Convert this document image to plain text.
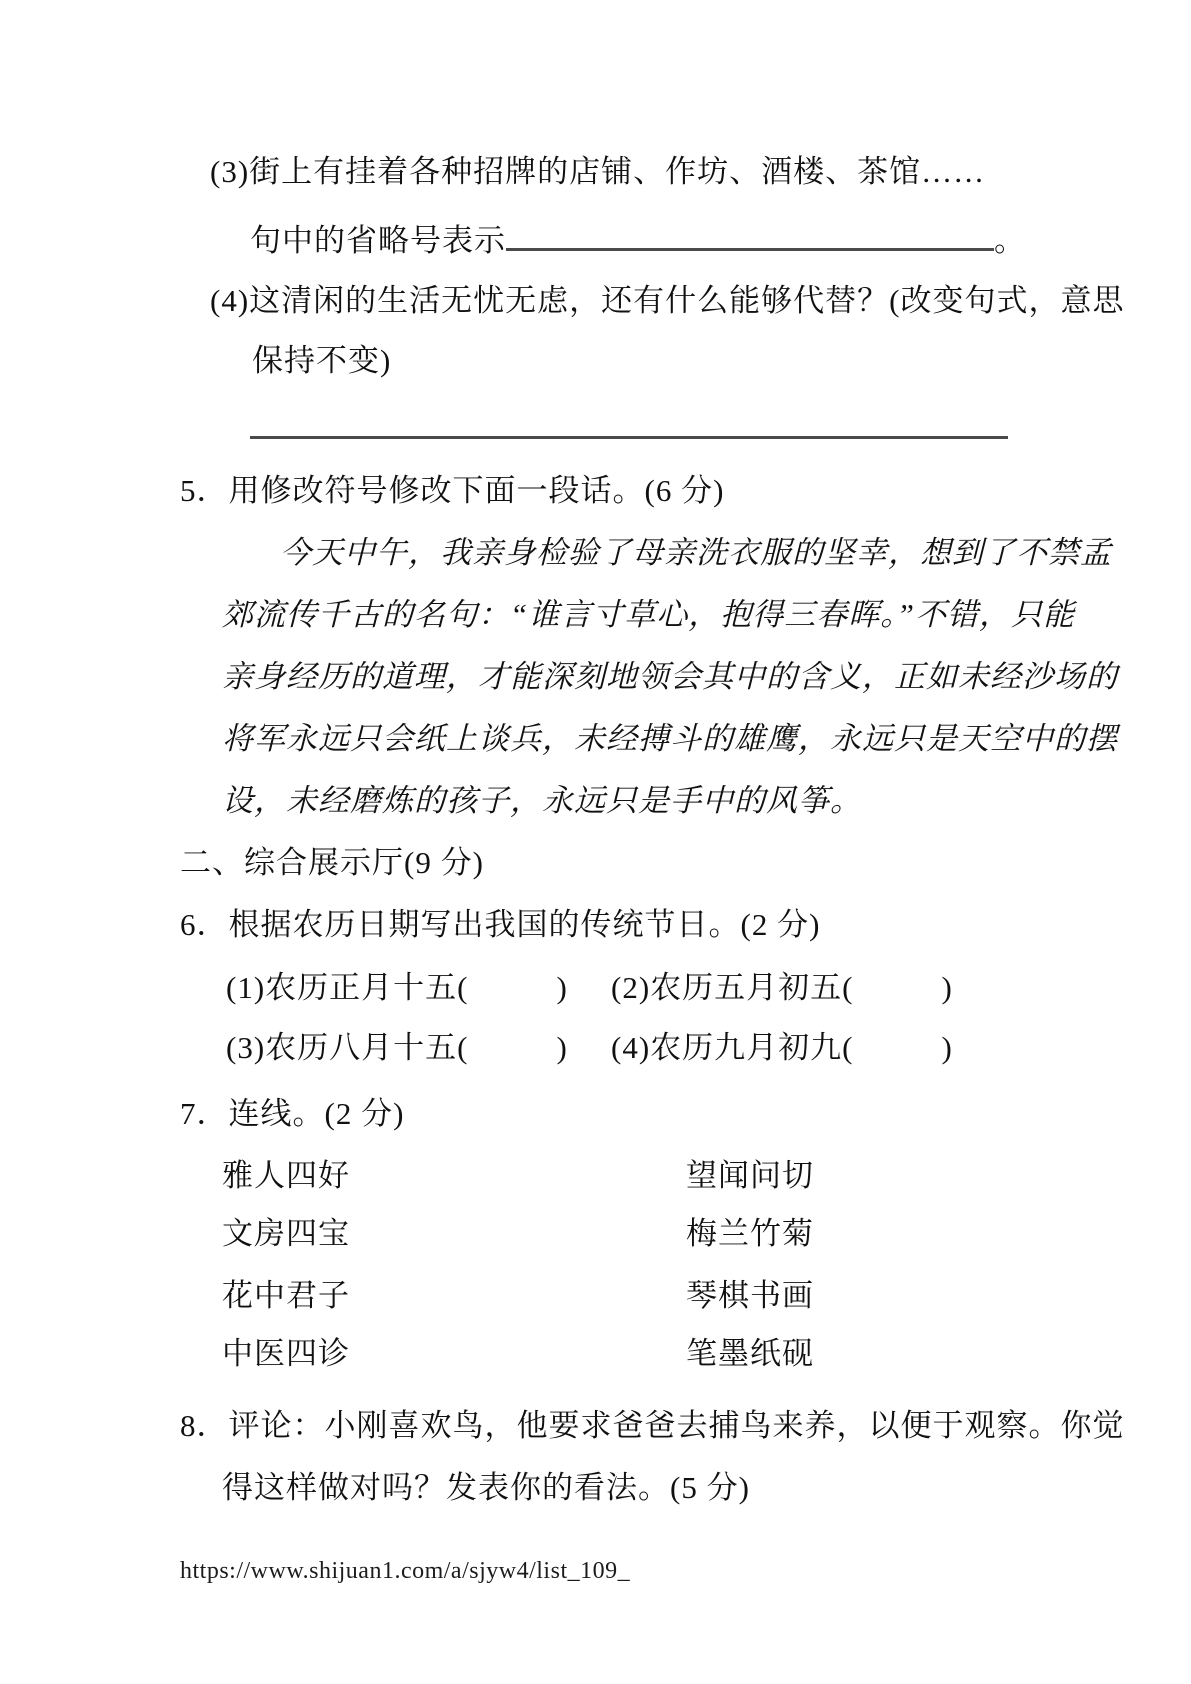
(3)街上有挂着各种招牌的店铺、作坊、酒楼、茶馆……
句中的省略号表示	。
(4)这清闲的生活无忧无虑，还有什么能够代替？(改变句式，意思
保持不变)
5．用修改符号修改下面一段话。(6 分)
今天中午，我亲身检验了母亲洗衣服的坚幸，想到了不禁孟
郊流传千古的名句：“谁言寸草心，抱得三春晖。”不错，只能
亲身经历的道理，才能深刻地领会其中的含义，正如未经沙场的
将军永远只会纸上谈兵，未经搏斗的雄鹰，永远只是天空中的摆
设，未经磨炼的孩子，永远只是手中的风筝。
二、综合展示厅(9 分)
6．根据农历日期写出我国的传统节日。(2 分)
(1)农历正月十五(	) (2)农历五月初五(	)
(3)农历八月十五(	) (4)农历九月初九(	)
7．连线。(2 分)
雅人四好	望闻问切
文房四宝	梅兰竹菊
花中君子	琴棋书画
中医四诊	笔墨纸砚
8．评论：小刚喜欢鸟，他要求爸爸去捕鸟来养，以便于观察。你觉
得这样做对吗？发表你的看法。(5 分)
https://www.shijuan1.com/a/sjyw4/list_109_
